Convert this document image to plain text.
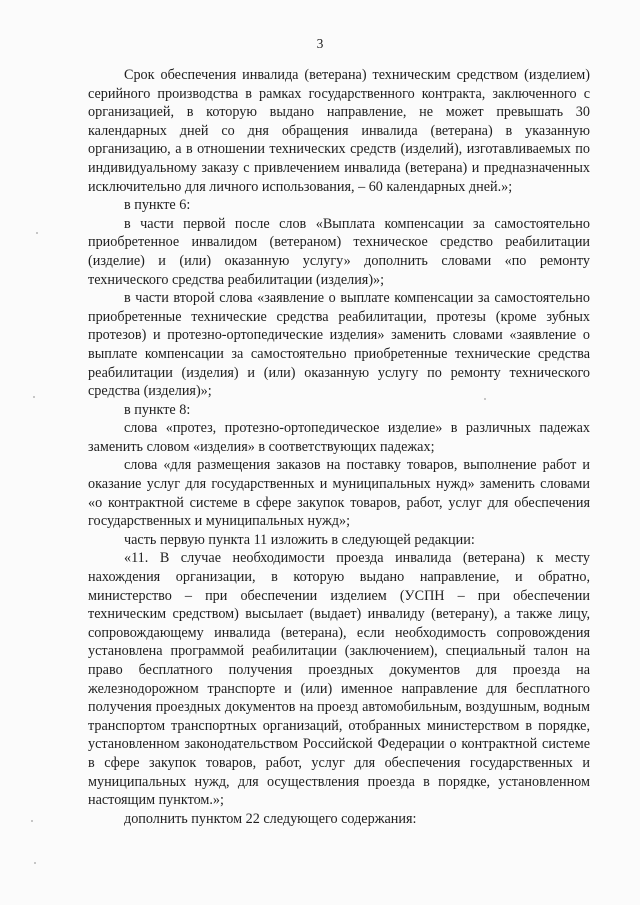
3

Срок обеспечения инвалида (ветерана) техническим средством (изделием) серийного производства в рамках государственного контракта, заключенного с организацией, в которую выдано направление, не может превышать 30 календарных дней со дня обращения инвалида (ветерана) в указанную организацию, а в отношении технических средств (изделий), изготавливаемых по индивидуальному заказу с привлечением инвалида (ветерана) и предназначенных исключительно для личного использования, – 60 календарных дней.»;

в пункте 6:

в части первой после слов «Выплата компенсации за самостоятельно приобретенное инвалидом (ветераном) техническое средство реабилитации (изделие) и (или) оказанную услугу» дополнить словами «по ремонту технического средства реабилитации (изделия)»;

в части второй слова «заявление о выплате компенсации за самостоятельно приобретенные технические средства реабилитации, протезы (кроме зубных протезов) и протезно-ортопедические изделия» заменить словами «заявление о выплате компенсации за самостоятельно приобретенные технические средства реабилитации (изделия) и (или) оказанную услугу по ремонту технического средства (изделия)»;

в пункте 8:

слова «протез, протезно-ортопедическое изделие» в различных падежах заменить словом «изделия» в соответствующих падежах;

слова «для размещения заказов на поставку товаров, выполнение работ и оказание услуг для государственных и муниципальных нужд» заменить словами «о контрактной системе в сфере закупок товаров, работ, услуг для обеспечения государственных и муниципальных нужд»;

часть первую пункта 11 изложить в следующей редакции:

«11. В случае необходимости проезда инвалида (ветерана) к месту нахождения организации, в которую выдано направление, и обратно, министерство – при обеспечении изделием (УСПН – при обеспечении техническим средством) высылает (выдает) инвалиду (ветерану), а также лицу, сопровождающему инвалида (ветерана), если необходимость сопровождения установлена программой реабилитации (заключением), специальный талон на право бесплатного получения проездных документов для проезда на железнодорожном транспорте и (или) именное направление для бесплатного получения проездных документов на проезд автомобильным, воздушным, водным транспортом транспортных организаций, отобранных министерством в порядке, установленном законодательством Российской Федерации о контрактной системе в сфере закупок товаров, работ, услуг для обеспечения государственных и муниципальных нужд, для осуществления проезда в порядке, установленном настоящим пунктом.»;

дополнить пунктом 22 следующего содержания:
